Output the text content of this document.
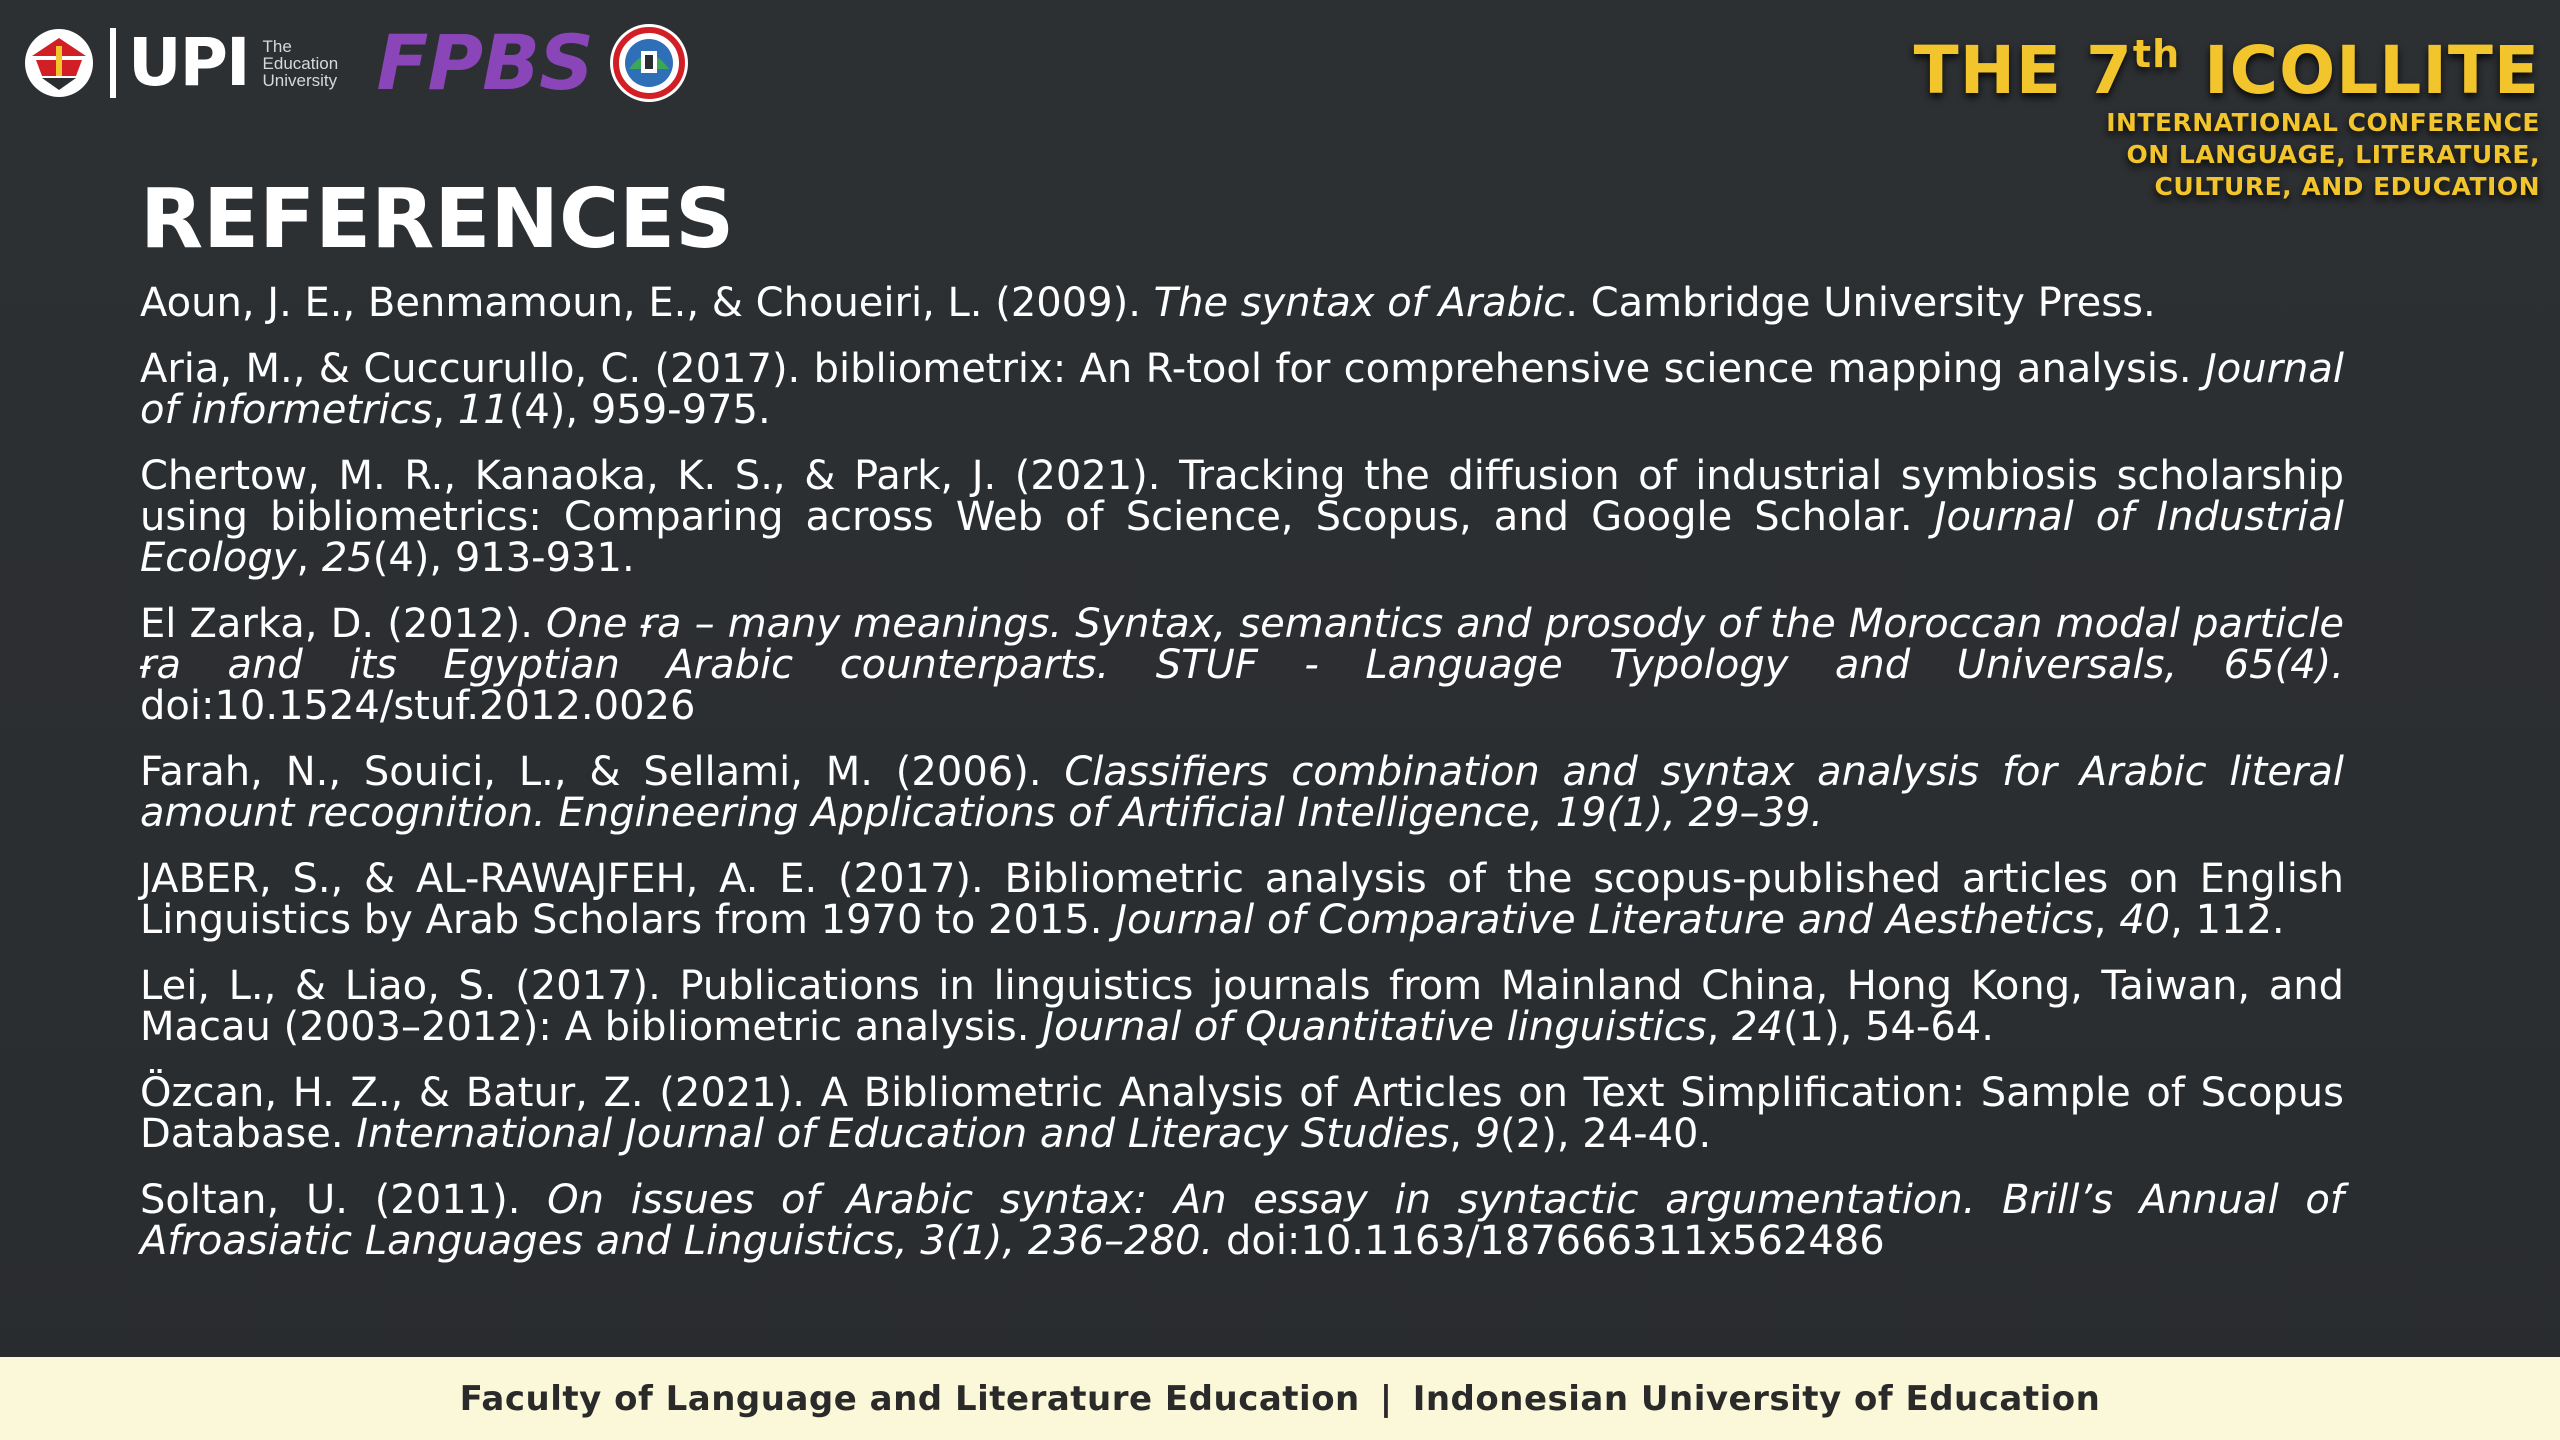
UPI The Education University FPBS	THE 7th ICOLLITE
INTERNATIONAL CONFERENCE
ON LANGUAGE, LITERATURE,
CULTURE, AND EDUCATION
REFERENCES

Aoun, J. E., Benmamoun, E., & Choueiri, L. (2009). The syntax of Arabic. Cambridge University Press.

Aria, M., & Cuccurullo, C. (2017). bibliometrix: An R-tool for comprehensive science mapping analysis. Journal of informetrics, 11(4), 959-975.

Chertow, M. R., Kanaoka, K. S., & Park, J. (2021). Tracking the diffusion of industrial symbiosis scholarship using bibliometrics: Comparing across Web of Science, Scopus, and Google Scholar. Journal of Industrial Ecology, 25(4), 913-931.

El Zarka, D. (2012). One ɍa – many meanings. Syntax, semantics and prosody of the Moroccan modal particle ɍa and its Egyptian Arabic counterparts. STUF - Language Typology and Universals, 65(4). doi:10.1524/stuf.2012.0026

Farah, N., Souici, L., & Sellami, M. (2006). Classifiers combination and syntax analysis for Arabic literal amount recognition. Engineering Applications of Artificial Intelligence, 19(1), 29–39.

JABER, S., & AL-RAWAJFEH, A. E. (2017). Bibliometric analysis of the scopus-published articles on English Linguistics by Arab Scholars from 1970 to 2015. Journal of Comparative Literature and Aesthetics, 40, 112.

Lei, L., & Liao, S. (2017). Publications in linguistics journals from Mainland China, Hong Kong, Taiwan, and Macau (2003–2012): A bibliometric analysis. Journal of Quantitative linguistics, 24(1), 54-64.

Özcan, H. Z., & Batur, Z. (2021). A Bibliometric Analysis of Articles on Text Simplification: Sample of Scopus Database. International Journal of Education and Literacy Studies, 9(2), 24-40.

Soltan, U. (2011). On issues of Arabic syntax: An essay in syntactic argumentation. Brill’s Annual of Afroasiatic Languages and Linguistics, 3(1), 236–280. doi:10.1163/187666311x562486

Faculty of Language and Literature Education | Indonesian University of Education
